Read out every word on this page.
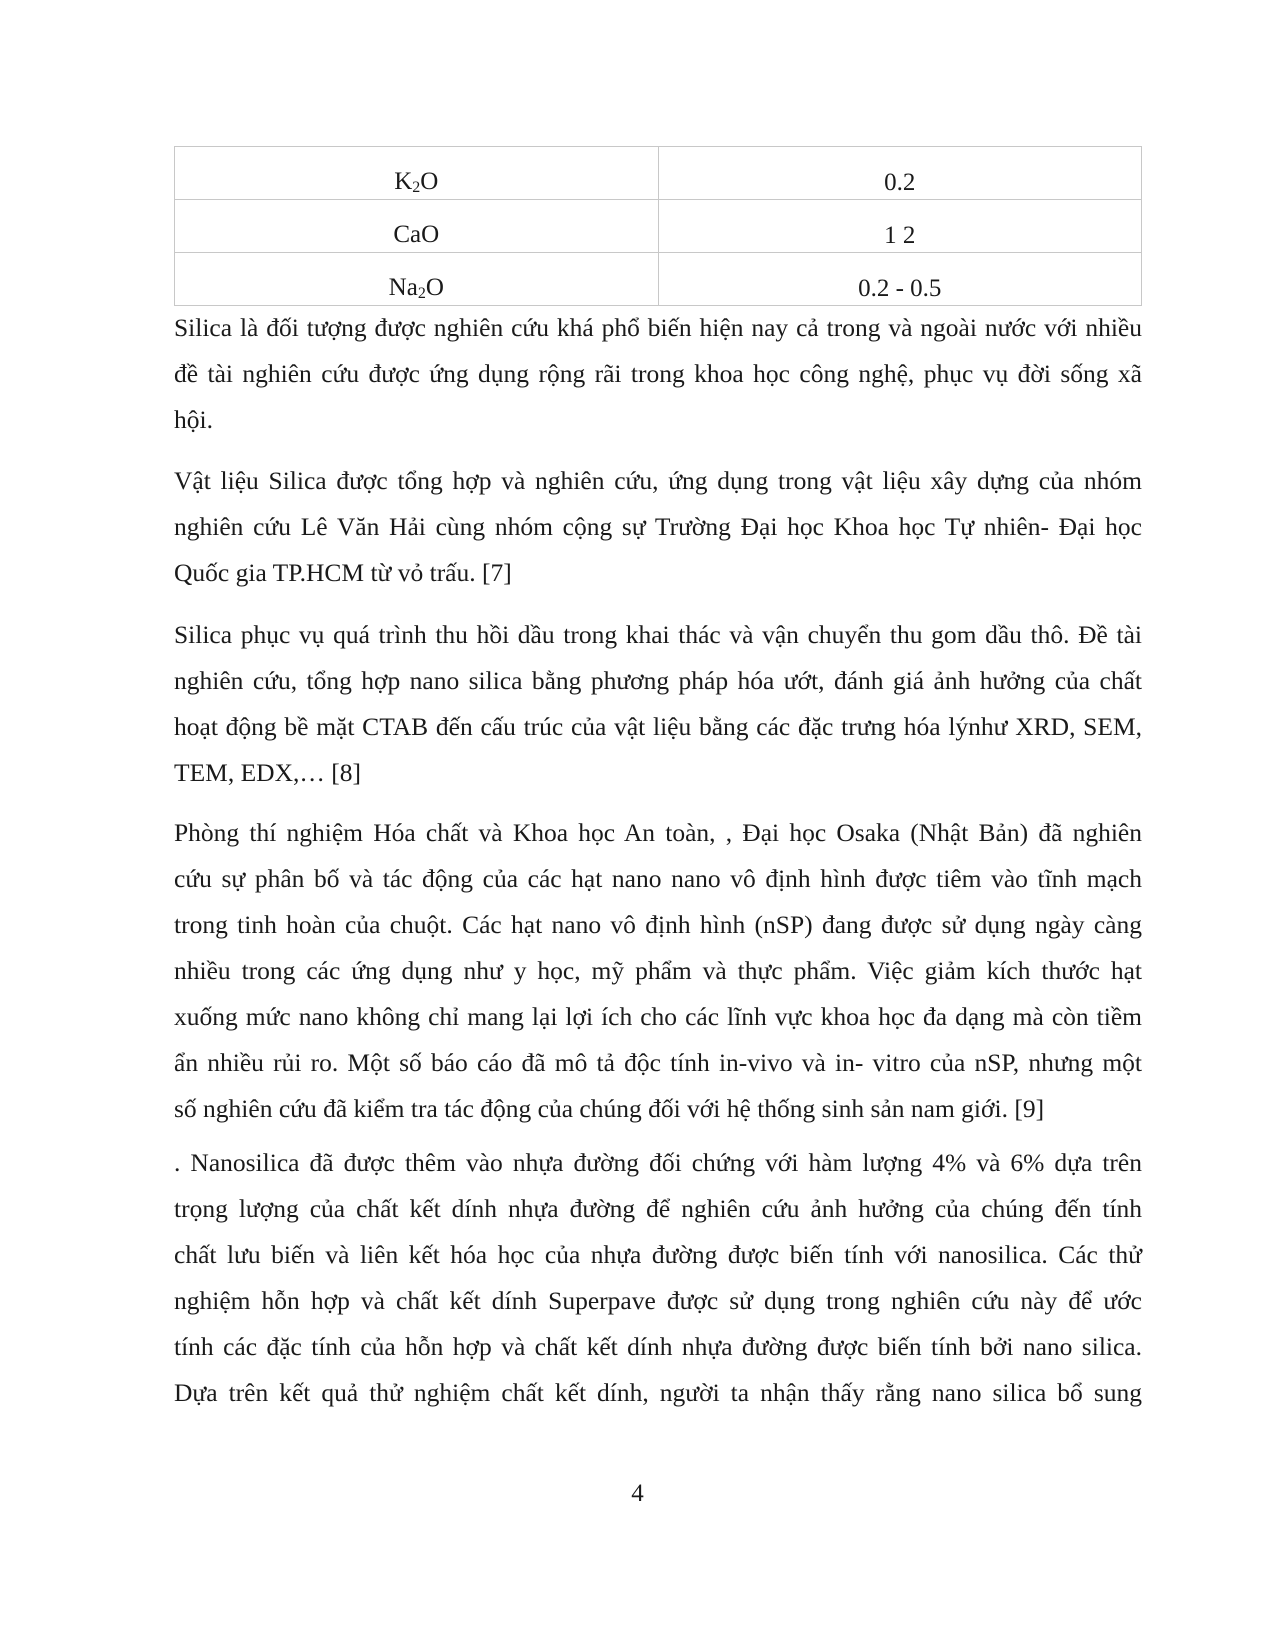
K2O	0.2
CaO	1 2
Na2O	0.2 - 0.5

Silica là đối tượng được nghiên cứu khá phổ biến hiện nay cả trong và ngoài nước với nhiều
đề tài nghiên cứu được ứng dụng rộng rãi trong khoa học công nghệ, phục vụ đời sống xã
hội.

Vật liệu Silica được tổng hợp và nghiên cứu, ứng dụng trong vật liệu xây dựng của nhóm
nghiên cứu Lê Văn Hải cùng nhóm cộng sự Trường Đại học Khoa học Tự nhiên- Đại học
Quốc gia TP.HCM từ vỏ trấu. [7]

Silica phục vụ quá trình thu hồi dầu trong khai thác và vận chuyển thu gom dầu thô. Đề tài
nghiên cứu, tổng hợp nano silica bằng phương pháp hóa ướt, đánh giá ảnh hưởng của chất
hoạt động bề mặt CTAB đến cấu trúc của vật liệu bằng các đặc trưng hóa lýnhư XRD, SEM,
TEM, EDX,… [8]

Phòng thí nghiệm Hóa chất và Khoa học An toàn, , Đại học Osaka (Nhật Bản) đã nghiên
cứu sự phân bố và tác động của các hạt nano nano vô định hình được tiêm vào tĩnh mạch
trong tinh hoàn của chuột. Các hạt nano vô định hình (nSP) đang được sử dụng ngày càng
nhiều trong các ứng dụng như y học, mỹ phẩm và thực phẩm. Việc giảm kích thước hạt
xuống mức nano không chỉ mang lại lợi ích cho các lĩnh vực khoa học đa dạng mà còn tiềm
ẩn nhiều rủi ro. Một số báo cáo đã mô tả độc tính in-vivo và in- vitro của nSP, nhưng một
số nghiên cứu đã kiểm tra tác động của chúng đối với hệ thống sinh sản nam giới. [9]

. Nanosilica đã được thêm vào nhựa đường đối chứng với hàm lượng 4% và 6% dựa trên
trọng lượng của chất kết dính nhựa đường để nghiên cứu ảnh hưởng của chúng đến tính
chất lưu biến và liên kết hóa học của nhựa đường được biến tính với nanosilica. Các thử
nghiệm hỗn hợp và chất kết dính Superpave được sử dụng trong nghiên cứu này để ước
tính các đặc tính của hỗn hợp và chất kết dính nhựa đường được biến tính bởi nano silica.
Dựa trên kết quả thử nghiệm chất kết dính, người ta nhận thấy rằng nano silica bổ sung

4
